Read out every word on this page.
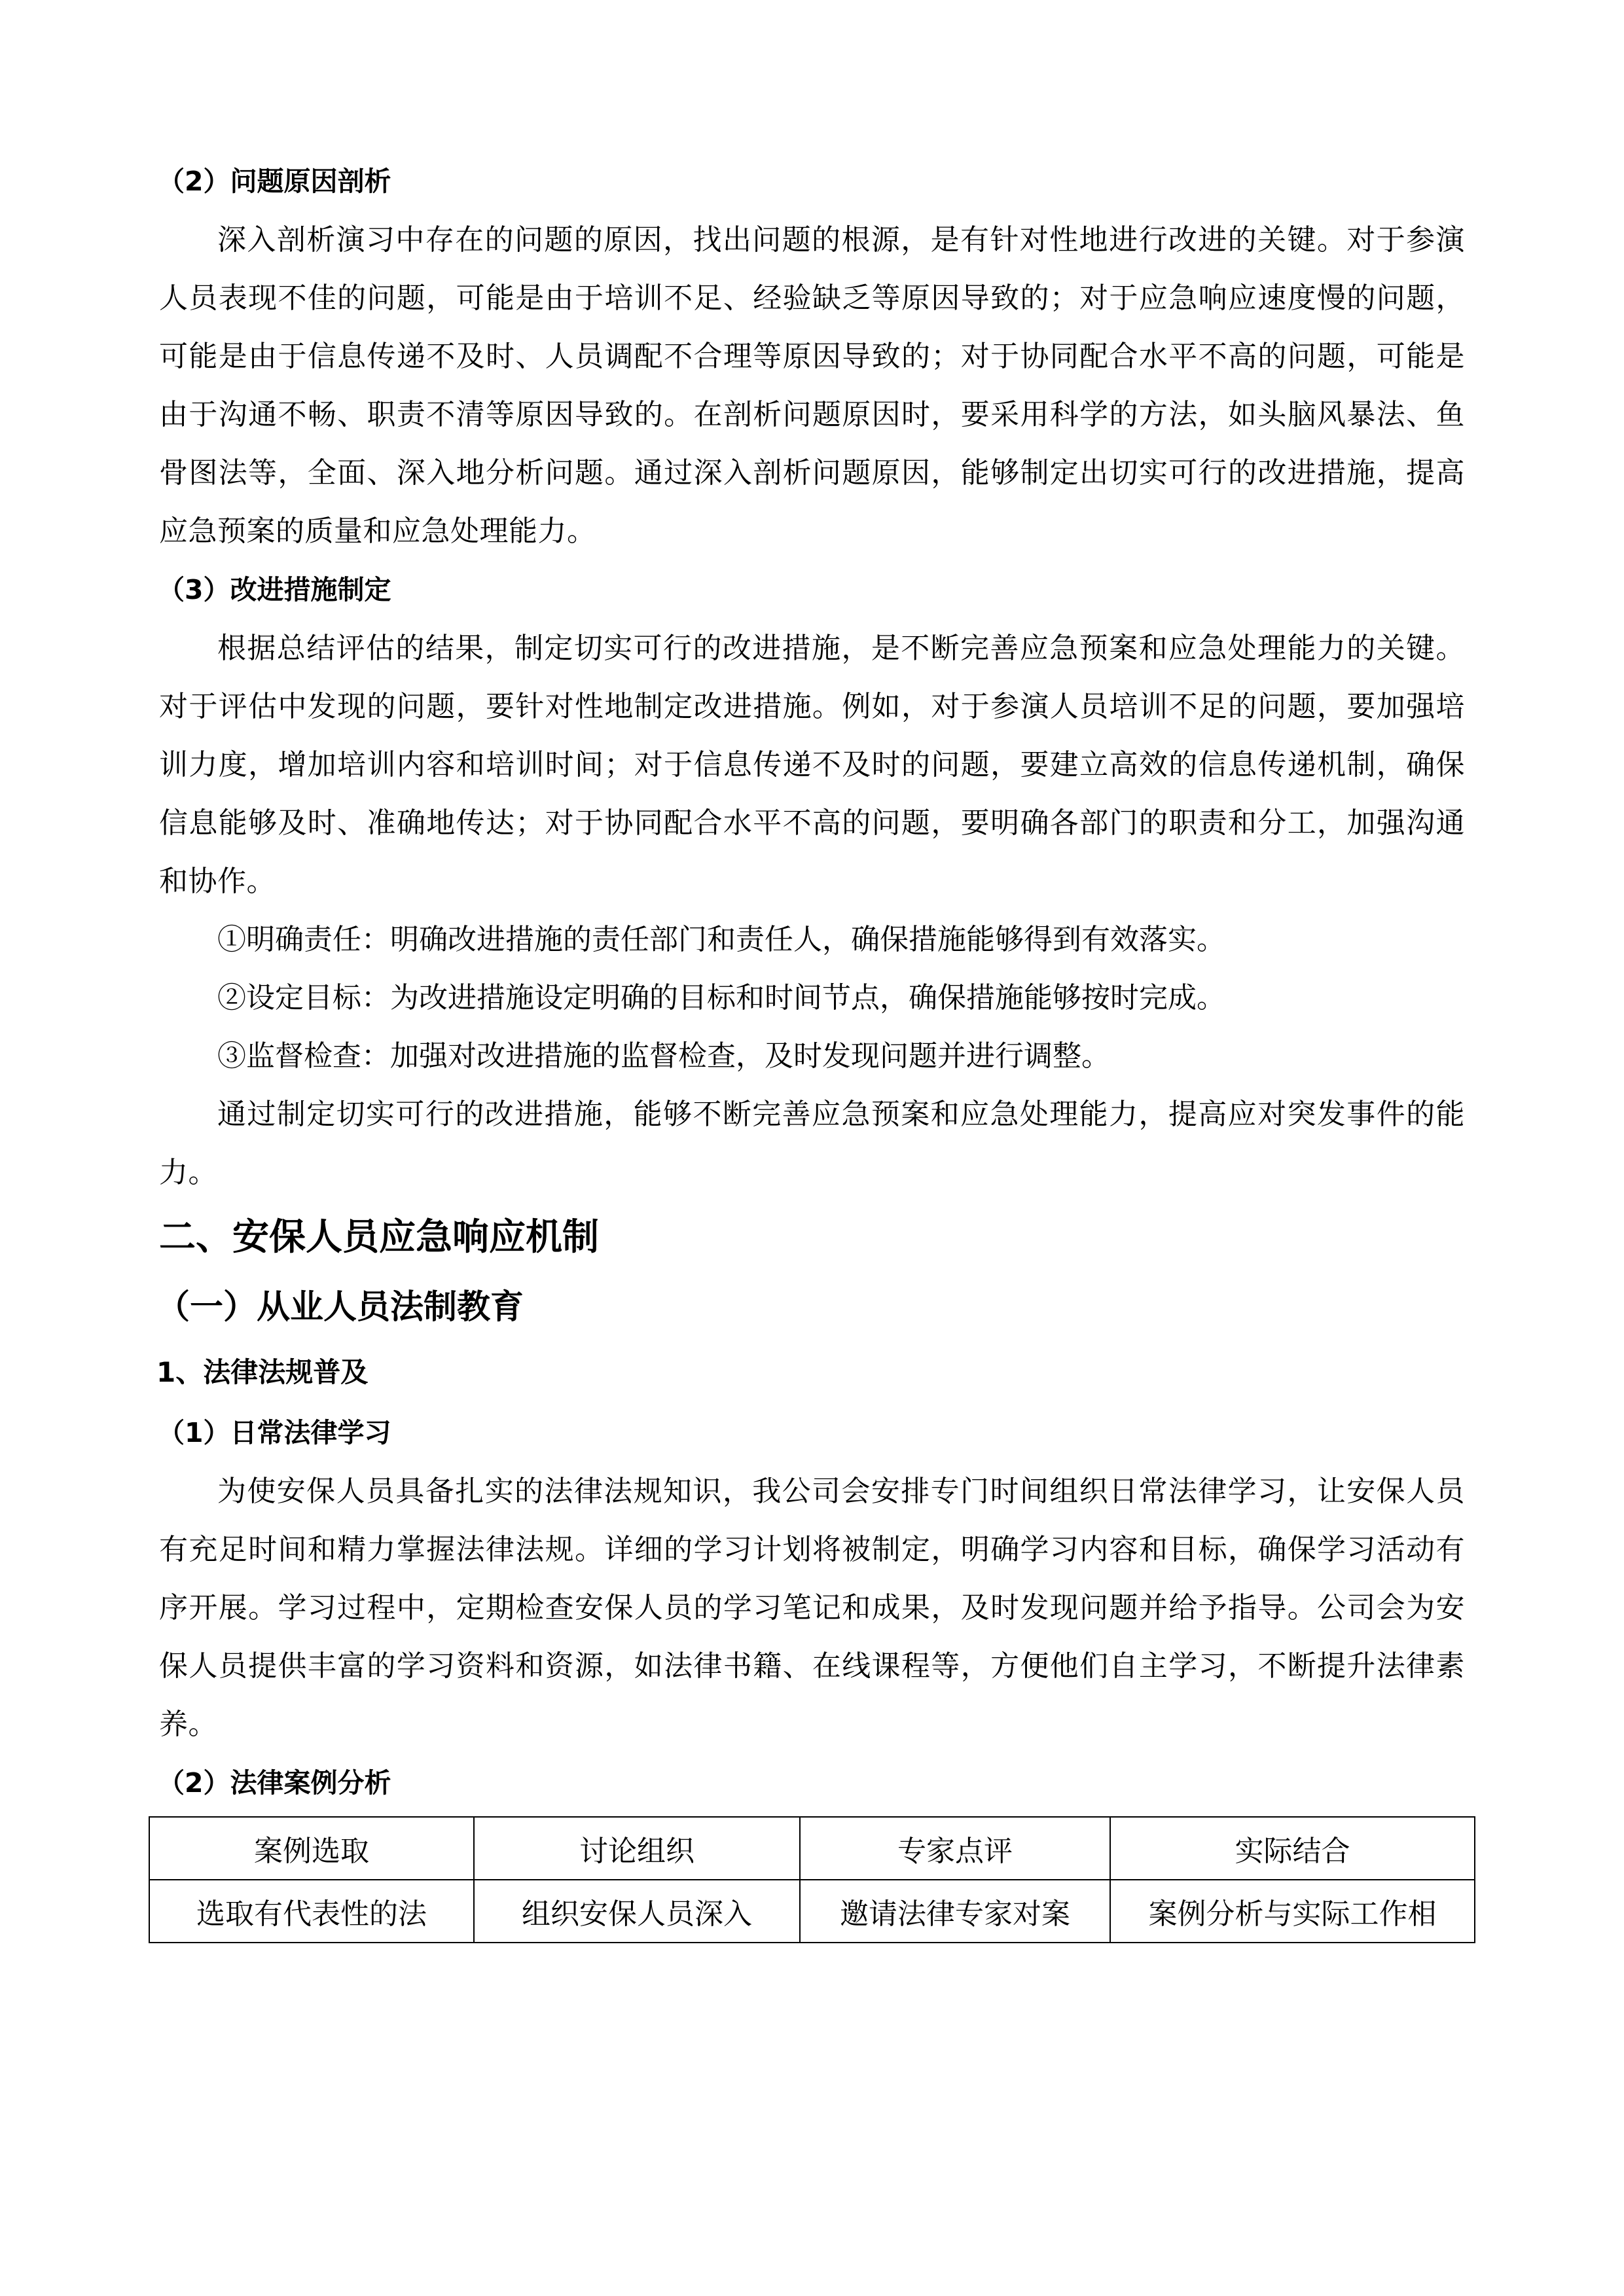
（2）问题原因剖析

深入剖析演习中存在的问题的原因，找出问题的根源，是有针对性地进行改进的关键。对于参演人员表现不佳的问题，可能是由于培训不足、经验缺乏等原因导致的；对于应急响应速度慢的问题，可能是由于信息传递不及时、人员调配不合理等原因导致的；对于协同配合水平不高的问题，可能是由于沟通不畅、职责不清等原因导致的。在剖析问题原因时，要采用科学的方法，如头脑风暴法、鱼骨图法等，全面、深入地分析问题。通过深入剖析问题原因，能够制定出切实可行的改进措施，提高应急预案的质量和应急处理能力。

（3）改进措施制定

根据总结评估的结果，制定切实可行的改进措施，是不断完善应急预案和应急处理能力的关键。对于评估中发现的问题，要针对性地制定改进措施。例如，对于参演人员培训不足的问题，要加强培训力度，增加培训内容和培训时间；对于信息传递不及时的问题，要建立高效的信息传递机制，确保信息能够及时、准确地传达；对于协同配合水平不高的问题，要明确各部门的职责和分工，加强沟通和协作。

①明确责任：明确改进措施的责任部门和责任人，确保措施能够得到有效落实。

②设定目标：为改进措施设定明确的目标和时间节点，确保措施能够按时完成。

③监督检查：加强对改进措施的监督检查，及时发现问题并进行调整。

通过制定切实可行的改进措施，能够不断完善应急预案和应急处理能力，提高应对突发事件的能力。

二、安保人员应急响应机制

（一）从业人员法制教育

1、法律法规普及

（1）日常法律学习

为使安保人员具备扎实的法律法规知识，我公司会安排专门时间组织日常法律学习，让安保人员有充足时间和精力掌握法律法规。详细的学习计划将被制定，明确学习内容和目标，确保学习活动有序开展。学习过程中，定期检查安保人员的学习笔记和成果，及时发现问题并给予指导。公司会为安保人员提供丰富的学习资料和资源，如法律书籍、在线课程等，方便他们自主学习，不断提升法律素养。

（2）法律案例分析

案例选取	讨论组织	专家点评	实际结合
选取有代表性的法	组织安保人员深入	邀请法律专家对案	案例分析与实际工作相
